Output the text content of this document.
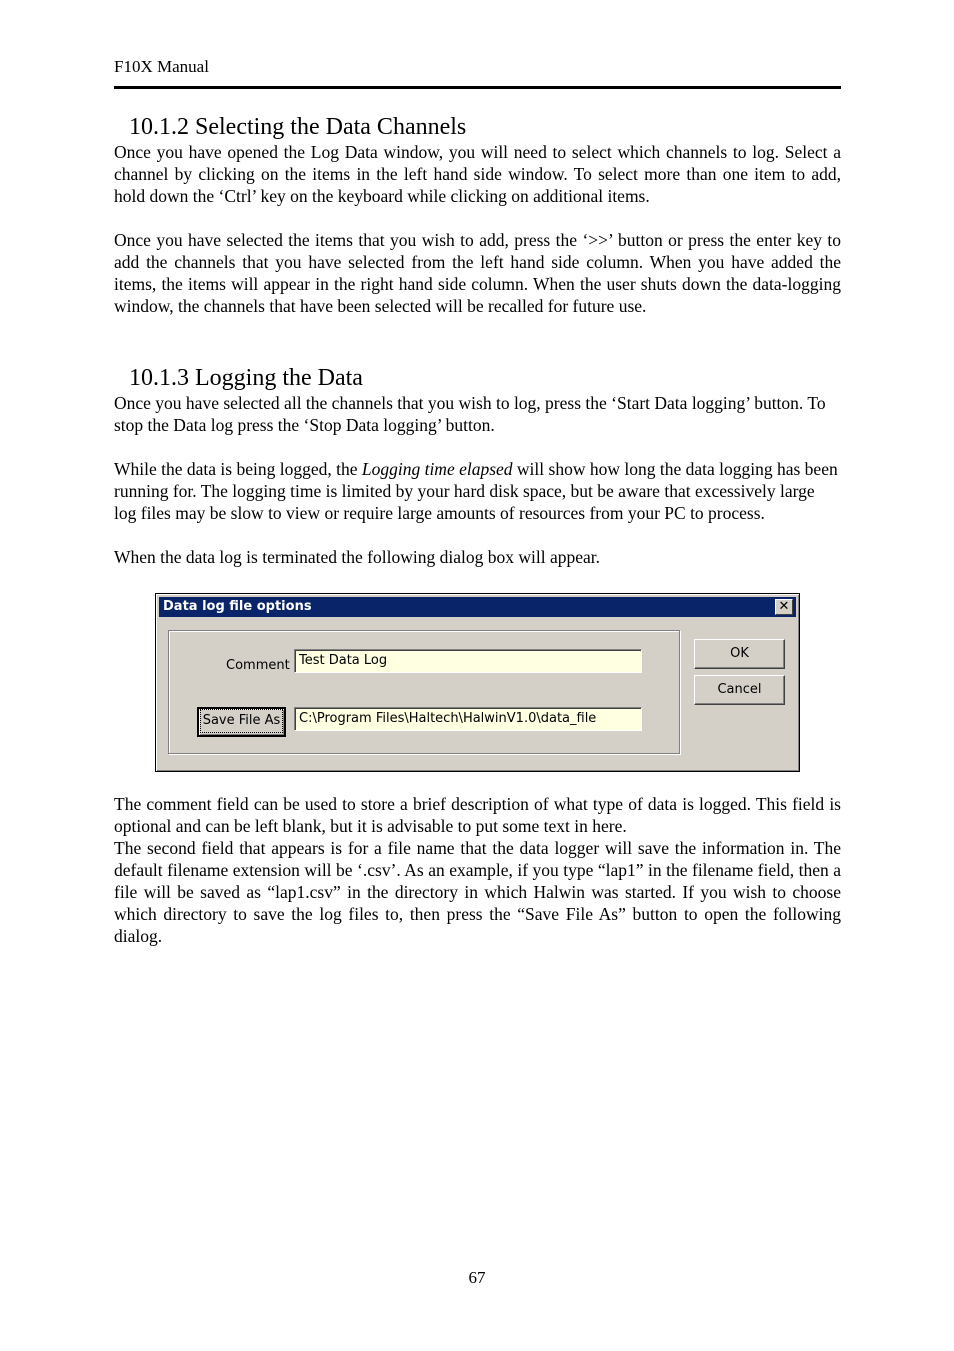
F10X Manual
10.1.2 Selecting the Data Channels

Once you have opened the Log Data window, you will need to select which channels to log. Select a channel by clicking on the items in the left hand side window. To select more than one item to add, hold down the ‘Ctrl’ key on the keyboard while clicking on additional items.

Once you have selected the items that you wish to add, press the ‘>>’ button or press the enter key to add the channels that you have selected from the left hand side column. When you have added the items, the items will appear in the right hand side column. When the user shuts down the data-logging window, the channels that have been selected will be recalled for future use.

10.1.3 Logging the Data

Once you have selected all the channels that you wish to log, press the ‘Start Data logging’ button. To stop the Data log press the ‘Stop Data logging’ button.

While the data is being logged, the Logging time elapsed will show how long the data logging has been running for. The logging time is limited by your hard disk space, but be aware that excessively large log files may be slow to view or require large amounts of resources from your PC to process.

When the data log is terminated the following dialog box will appear.

Data log file options	✕
Comment Test Data Log
Save File As	C:\Program Files\Haltech\HalwinV1.0\data_file
OK
Cancel

The comment field can be used to store a brief description of what type of data is logged. This field is optional and can be left blank, but it is advisable to put some text in here.

The second field that appears is for a file name that the data logger will save the information in. The default filename extension will be ‘.csv’. As an example, if you type “lap1” in the filename field, then a file will be saved as “lap1.csv” in the directory in which Halwin was started. If you wish to choose which directory to save the log files to, then press the “Save File As” button to open the following dialog.

67
